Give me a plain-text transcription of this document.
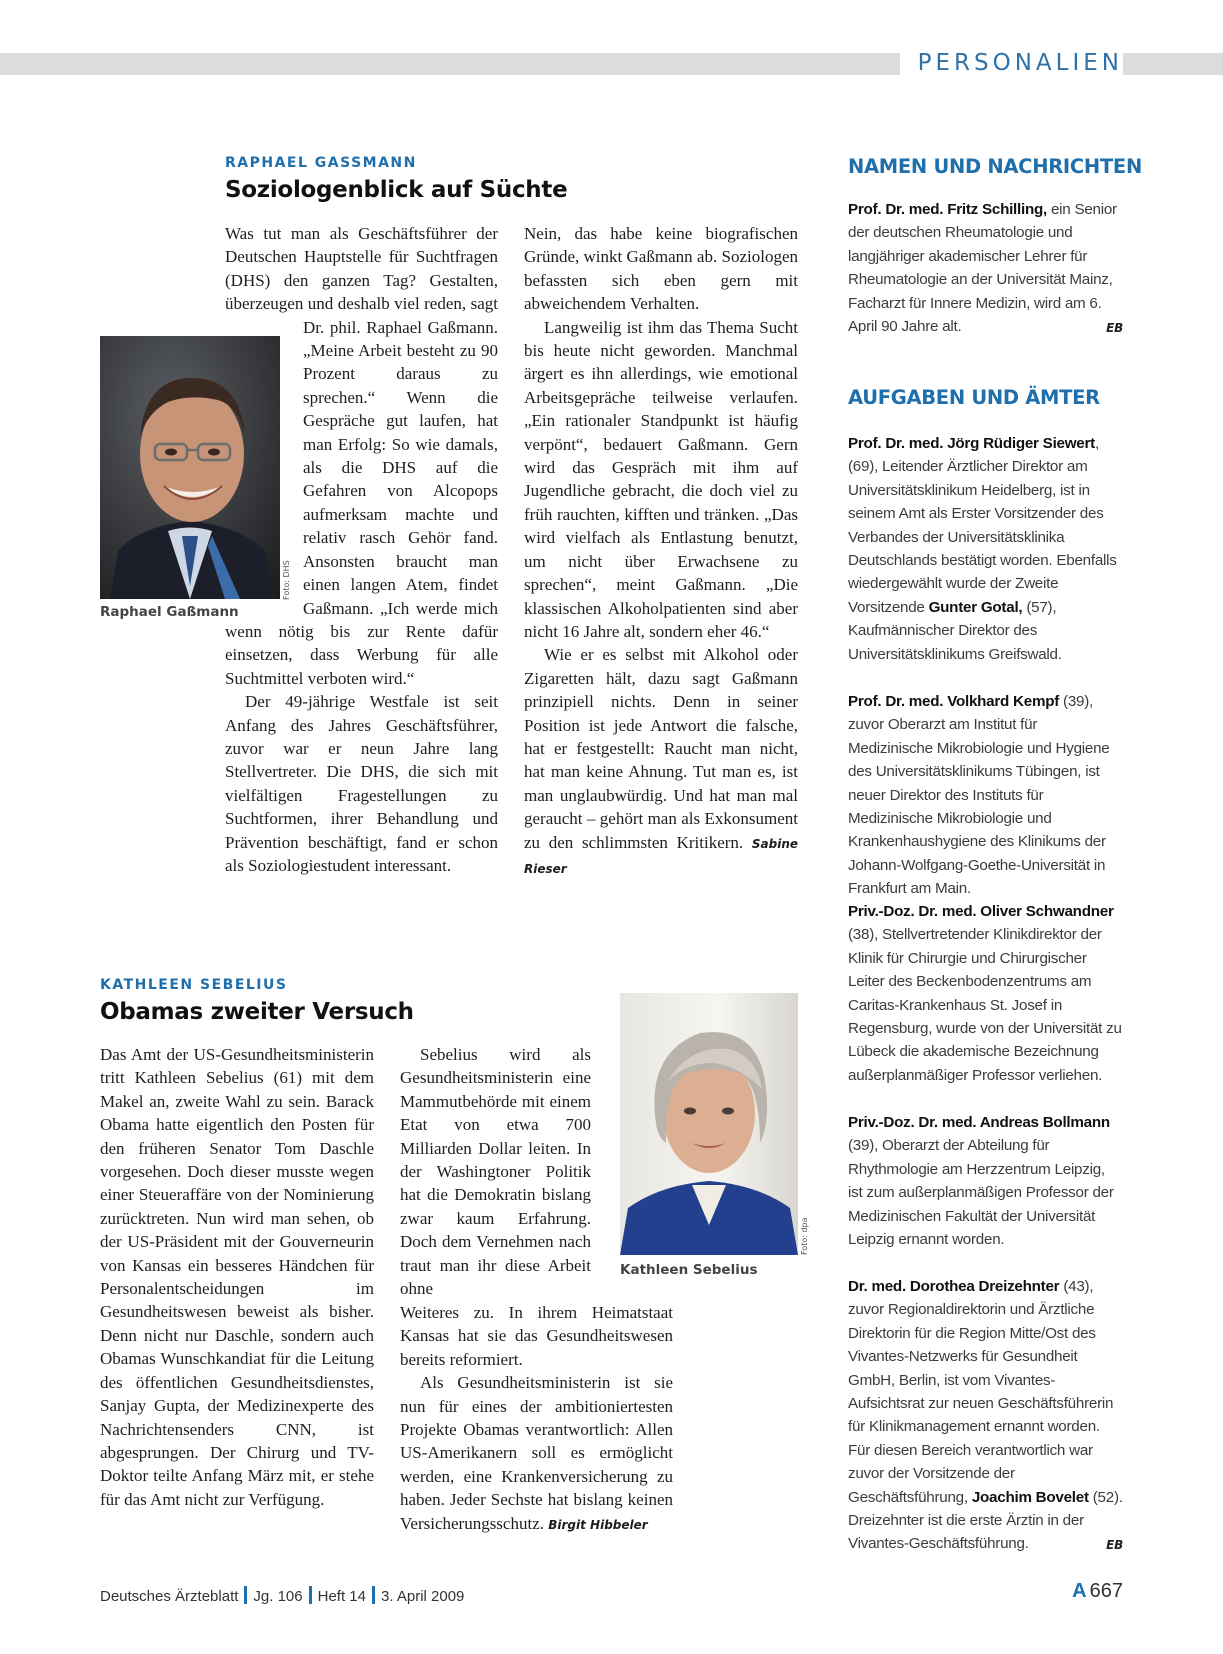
PERSONALIEN
RAPHAEL GASSMANN
Soziologenblick auf Süchte
Foto: DHS
Raphael Gaßmann

Was tut man als Geschäftsführer der Deutschen Hauptstelle für Suchtfragen (DHS) den ganzen Tag? Gestalten, überzeugen und deshalb viel reden, sagt Dr. phil. Raphael Gaßmann. „Meine Arbeit besteht zu 90 Prozent daraus zu sprechen.“ Wenn die Gespräche gut laufen, hat man Erfolg: So wie damals, als die DHS auf die Gefahren von Alcopops aufmerksam machte und relativ rasch Gehör fand. Ansonsten braucht man einen langen Atem, findet Gaßmann. „Ich werde mich wenn nötig bis zur Rente dafür einsetzen, dass Werbung für alle Suchtmittel verboten wird.“

Der 49-jährige Westfale ist seit Anfang des Jahres Geschäftsführer, zuvor war er neun Jahre lang Stellvertreter. Die DHS, die sich mit vielfältigen Fragestellungen zu Suchtformen, ihrer Behandlung und Prävention beschäftigt, fand er schon als Soziologiestudent interessant.

Nein, das habe keine biografischen Gründe, winkt Gaßmann ab. Soziologen befassten sich eben gern mit abweichendem Verhalten.

Langweilig ist ihm das Thema Sucht bis heute nicht geworden. Manchmal ärgert es ihn allerdings, wie emotional Arbeitsgepräche teilweise verlaufen. „Ein rationaler Standpunkt ist häufig verpönt“, bedauert Gaßmann. Gern wird das Gespräch mit ihm auf Jugendliche gebracht, die doch viel zu früh rauchten, kifften und tränken. „Das wird vielfach als Entlastung benutzt, um nicht über Erwachsene zu sprechen“, meint Gaßmann. „Die klassischen Alkoholpatienten sind aber nicht 16 Jahre alt, sondern eher 46.“

Wie er es selbst mit Alkohol oder Zigaretten hält, dazu sagt Gaßmann prinzipiell nichts. Denn in seiner Position ist jede Antwort die falsche, hat er festgestellt: Raucht man nicht, hat man keine Ahnung. Tut man es, ist man unglaubwürdig. Und hat man mal geraucht – gehört man als Exkonsument zu den schlimmsten Kritikern. Sabine Rieser

KATHLEEN SEBELIUS
Obamas zweiter Versuch

Das Amt der US-Gesundheitsministerin tritt Kathleen Sebelius (61) mit dem Makel an, zweite Wahl zu sein. Barack Obama hatte eigentlich den Posten für den früheren Senator Tom Daschle vorgesehen. Doch dieser musste wegen einer Steueraffäre von der Nominierung zurücktreten. Nun wird man sehen, ob der US-Präsident mit der Gouverneurin von Kansas ein besseres Händchen für Personalentscheidungen im Gesundheitswesen beweist als bisher. Denn nicht nur Daschle, sondern auch Obamas Wunschkandiat für die Leitung des öffentlichen Gesundheitsdienstes, Sanjay Gupta, der Medizinexperte des Nachrichtensenders CNN, ist abgesprungen. Der Chirurg und TV-Doktor teilte Anfang März mit, er stehe für das Amt nicht zur Verfügung.

Sebelius wird als Gesundheitsministerin eine Mammutbehörde mit einem Etat von etwa 700 Milliarden Dollar leiten. In der Washingtoner Politik hat die Demokratin bislang zwar kaum Erfahrung. Doch dem Vernehmen nach traut man ihr diese Arbeit ohne

Weiteres zu. In ihrem Heimatstaat Kansas hat sie das Gesundheitswesen bereits reformiert.

Als Gesundheitsministerin ist sie nun für eines der ambitioniertesten Projekte Obamas verantwortlich: Allen US-Amerikanern soll es ermöglicht werden, eine Krankenversicherung zu haben. Jeder Sechste hat bislang keinen Versicherungsschutz. Birgit Hibbeler

Foto: dpa
Kathleen Sebelius
NAMEN UND NACHRICHTEN
Prof. Dr. med. Fritz Schilling, ein Senior der deutschen Rheumatologie und langjähriger akademischer Lehrer für Rheumatologie an der Universität Mainz, Facharzt für Innere Medizin, wird am 6. April 90 Jahre alt.	EB
AUFGABEN UND ÄMTER
Prof. Dr. med. Jörg Rüdiger Siewert, (69), Leitender Ärztlicher Direktor am Universitätsklinikum Heidelberg, ist in seinem Amt als Erster Vorsitzender des Verbandes der Universitätsklinika Deutschlands bestätigt worden. Ebenfalls wiedergewählt wurde der Zweite Vorsitzende Gunter Gotal, (57), Kaufmännischer Direktor des Universitätsklinikums Greifswald.
Prof. Dr. med. Volkhard Kempf (39), zuvor Oberarzt am Institut für Medizinische Mikrobiologie und Hygiene des Universitätsklinikums Tübingen, ist neuer Direktor des Instituts für Medizinische Mikrobiologie und Krankenhaushygiene des Klinikums der Johann-Wolfgang-Goethe-Universität in Frankfurt am Main.
Priv.-Doz. Dr. med. Oliver Schwandner (38), Stellvertretender Klinikdirektor der Klinik für Chirurgie und Chirurgischer Leiter des Beckenbodenzentrums am Caritas-Krankenhaus St. Josef in Regensburg, wurde von der Universität zu Lübeck die akademische Bezeichnung außerplanmäßiger Professor verliehen.
Priv.-Doz. Dr. med. Andreas Bollmann (39), Oberarzt der Abteilung für Rhythmologie am Herzzentrum Leipzig, ist zum außerplanmäßigen Professor der Medizinischen Fakultät der Universität Leipzig ernannt worden.
Dr. med. Dorothea Dreizehnter (43), zuvor Regionaldirektorin und Ärztliche Direktorin für die Region Mitte/Ost des Vivantes-Netzwerks für Gesundheit GmbH, Berlin, ist vom Vivantes-Aufsichtsrat zur neuen Geschäftsführerin für Klinikmanagement ernannt worden. Für diesen Bereich verantwortlich war zuvor der Vorsitzende der Geschäftsführung, Joachim Bovelet (52). Dreizehnter ist die erste Ärztin in der Vivantes-Geschäftsführung.	EB
Deutsches Ärzteblatt Jg. 106 Heft 14 3. April 2009	A 667
